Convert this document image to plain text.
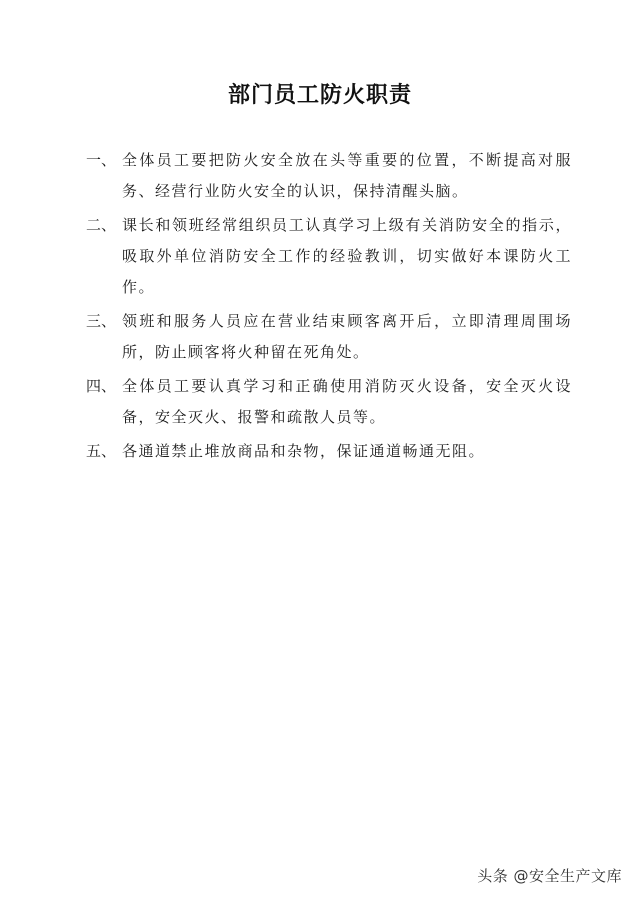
部门员工防火职责
一、 全体员工要把防火安全放在头等重要的位置，不断提高对服务、经营行业防火安全的认识，保持清醒头脑。
二、 课长和领班经常组织员工认真学习上级有关消防安全的指示，吸取外单位消防安全工作的经验教训，切实做好本课防火工作。
三、 领班和服务人员应在营业结束顾客离开后，立即清理周围场所，防止顾客将火种留在死角处。
四、 全体员工要认真学习和正确使用消防灭火设备，安全灭火设备，安全灭火、报警和疏散人员等。
五、 各通道禁止堆放商品和杂物，保证通道畅通无阻。
头条 @安全生产文库
